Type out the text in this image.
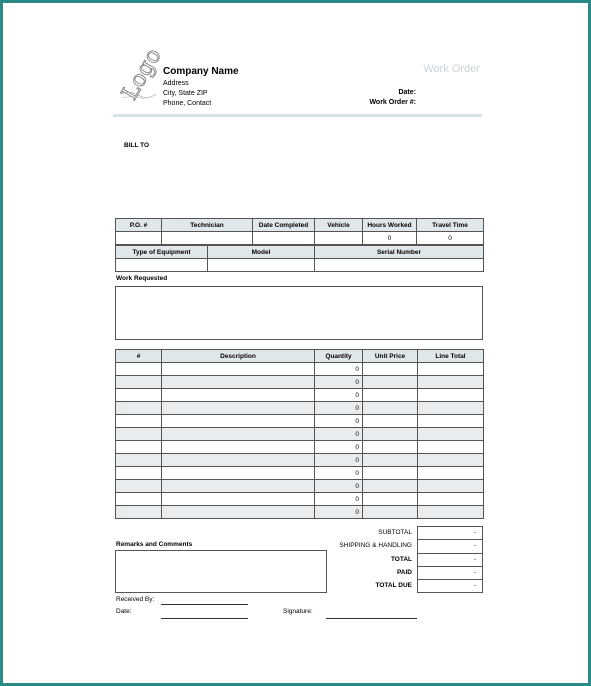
Logo
Company Name
Address
City, State ZIP
Phone, Contact
Work Order
Date:
Work Order #:
BILL TO
P.O. #	Technician	Date Completed	Vehicle	Hours Worked	Travel Time
				0	0
Type of Equipment	Model	Serial Number

Work Requested
#	Description	Quantity	Unit Price	Line Total
		0		
		0		
		0		
		0		
		0		
		0		
		0		
		0		
		0		
		0		
		0		
		0		
Remarks and Comments
SUBTOTAL	-
SHIPPING & HANDLING	-
TOTAL	-
PAID	-
TOTAL DUE	-
Received By:
Date:	Signature:
